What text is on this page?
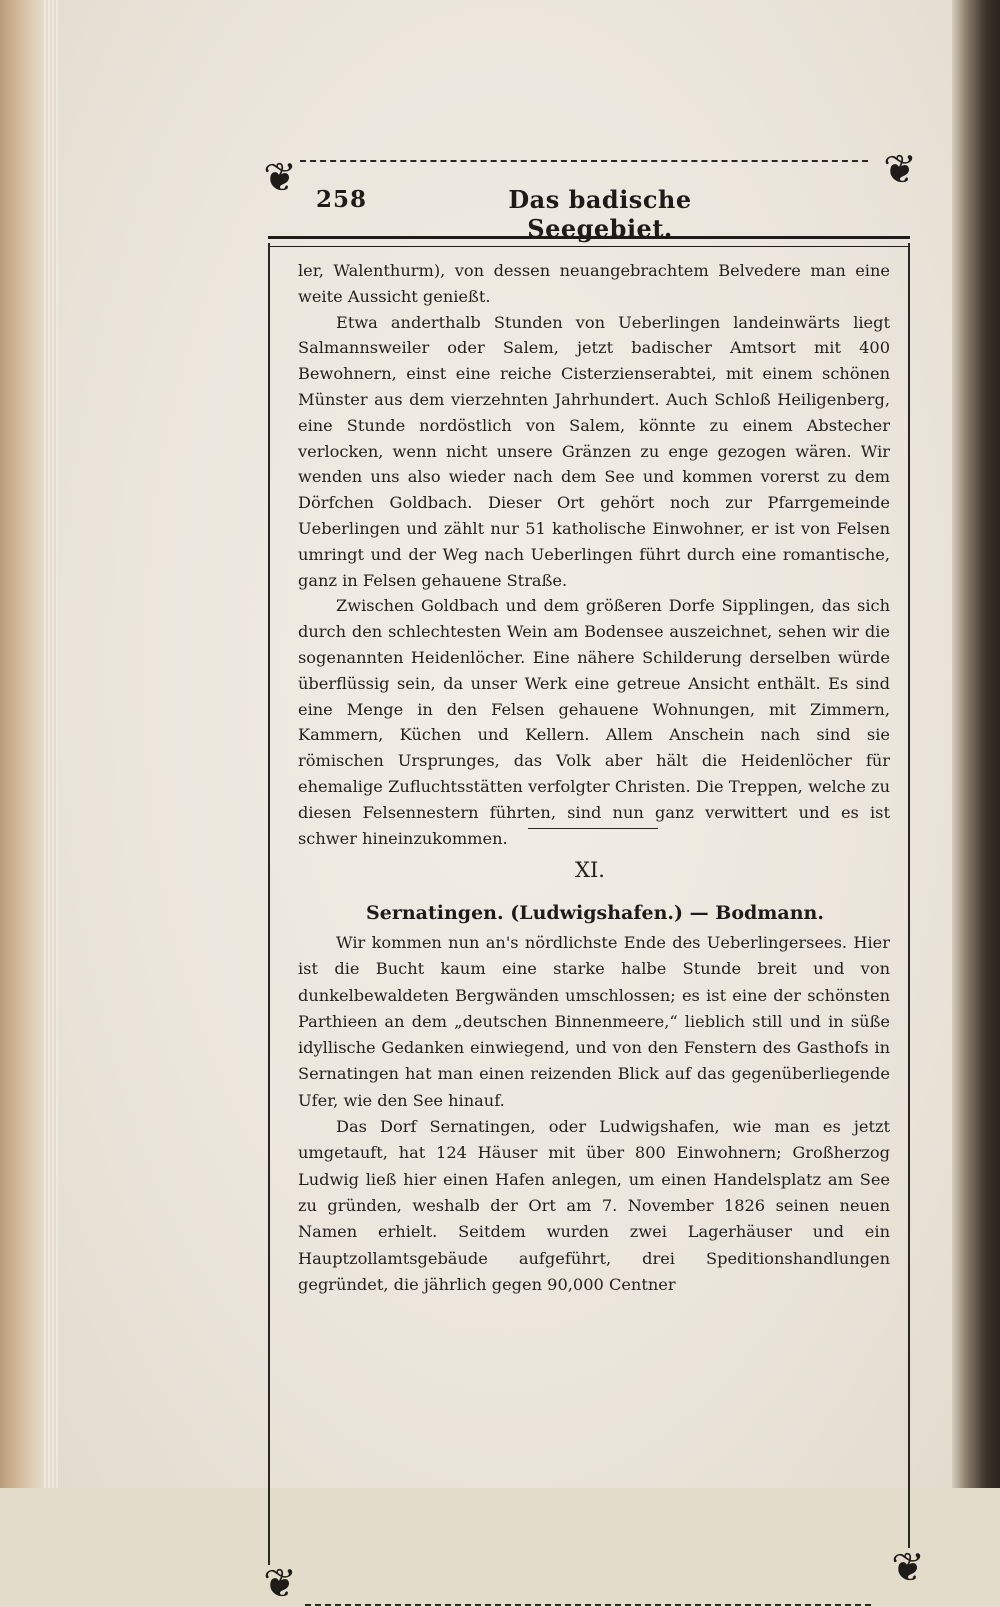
❦	❦
❦	❦
258	Das badische Seegebiet.

ler, Walenthurm), von dessen neuangebrachtem Belvedere man eine weite Aussicht genießt.

Etwa anderthalb Stunden von Ueberlingen landeinwärts liegt Salmannsweiler oder Salem, jetzt badischer Amtsort mit 400 Bewohnern, einst eine reiche Cisterzienserabtei, mit einem schönen Münster aus dem vierzehnten Jahrhundert. Auch Schloß Heiligenberg, eine Stunde nordöstlich von Salem, könnte zu einem Abstecher verlocken, wenn nicht unsere Gränzen zu enge gezogen wären. Wir wenden uns also wieder nach dem See und kommen vorerst zu dem Dörfchen Goldbach. Dieser Ort gehört noch zur Pfarrgemeinde Ueberlingen und zählt nur 51 katholische Einwohner, er ist von Felsen umringt und der Weg nach Ueberlingen führt durch eine romantische, ganz in Felsen gehauene Straße.

Zwischen Goldbach und dem größeren Dorfe Sipplingen, das sich durch den schlechtesten Wein am Bodensee auszeichnet, sehen wir die sogenannten Heidenlöcher. Eine nähere Schilderung derselben würde überflüssig sein, da unser Werk eine getreue Ansicht enthält. Es sind eine Menge in den Felsen gehauene Wohnungen, mit Zimmern, Kammern, Küchen und Kellern. Allem Anschein nach sind sie römischen Ursprunges, das Volk aber hält die Heidenlöcher für ehemalige Zufluchtsstätten verfolgter Christen. Die Treppen, welche zu diesen Felsennestern führten, sind nun ganz verwittert und es ist schwer hineinzukommen.

XI.
Sernatingen. (Ludwigshafen.) — Bodmann.

Wir kommen nun an's nördlichste Ende des Ueberlingersees. Hier ist die Bucht kaum eine starke halbe Stunde breit und von dunkelbewaldeten Bergwänden umschlossen; es ist eine der schönsten Parthieen an dem „deutschen Binnenmeere,“ lieblich still und in süße idyllische Gedanken einwiegend, und von den Fenstern des Gasthofs in Sernatingen hat man einen reizenden Blick auf das gegenüberliegende Ufer, wie den See hinauf.

Das Dorf Sernatingen, oder Ludwigshafen, wie man es jetzt umgetauft, hat 124 Häuser mit über 800 Einwohnern; Großherzog Ludwig ließ hier einen Hafen anlegen, um einen Handelsplatz am See zu gründen, weshalb der Ort am 7. November 1826 seinen neuen Namen erhielt. Seitdem wurden zwei Lagerhäuser und ein Hauptzollamtsgebäude aufgeführt, drei Speditionshandlungen gegründet, die jährlich gegen 90,000 Centner
